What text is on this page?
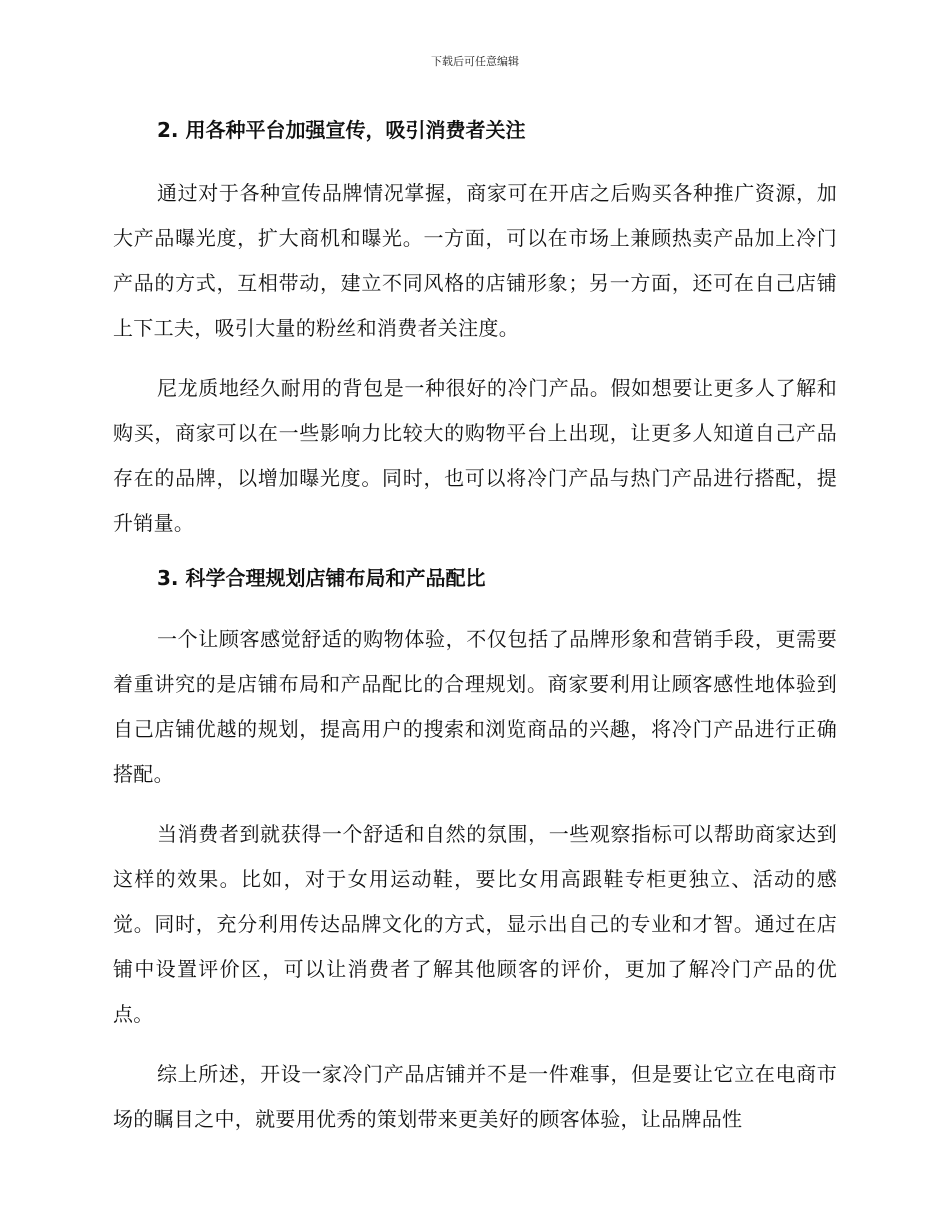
下载后可任意编辑
2. 用各种平台加强宣传，吸引消费者关注

通过对于各种宣传品牌情况掌握，商家可在开店之后购买各种推广资源，加大产品曝光度，扩大商机和曝光。一方面，可以在市场上兼顾热卖产品加上冷门产品的方式，互相带动，建立不同风格的店铺形象；另一方面，还可在自己店铺上下工夫，吸引大量的粉丝和消费者关注度。

尼龙质地经久耐用的背包是一种很好的冷门产品。假如想要让更多人了解和购买，商家可以在一些影响力比较大的购物平台上出现，让更多人知道自己产品存在的品牌，以增加曝光度。同时，也可以将冷门产品与热门产品进行搭配，提升销量。

3. 科学合理规划店铺布局和产品配比

一个让顾客感觉舒适的购物体验，不仅包括了品牌形象和营销手段，更需要着重讲究的是店铺布局和产品配比的合理规划。商家要利用让顾客感性地体验到自己店铺优越的规划，提高用户的搜索和浏览商品的兴趣，将冷门产品进行正确搭配。

当消费者到就获得一个舒适和自然的氛围，一些观察指标可以帮助商家达到这样的效果。比如，对于女用运动鞋，要比女用高跟鞋专柜更独立、活动的感觉。同时，充分利用传达品牌文化的方式，显示出自己的专业和才智。通过在店铺中设置评价区，可以让消费者了解其他顾客的评价，更加了解冷门产品的优点。

综上所述，开设一家冷门产品店铺并不是一件难事，但是要让它立在电商市场的瞩目之中，就要用优秀的策划带来更美好的顾客体验，让品牌品性
